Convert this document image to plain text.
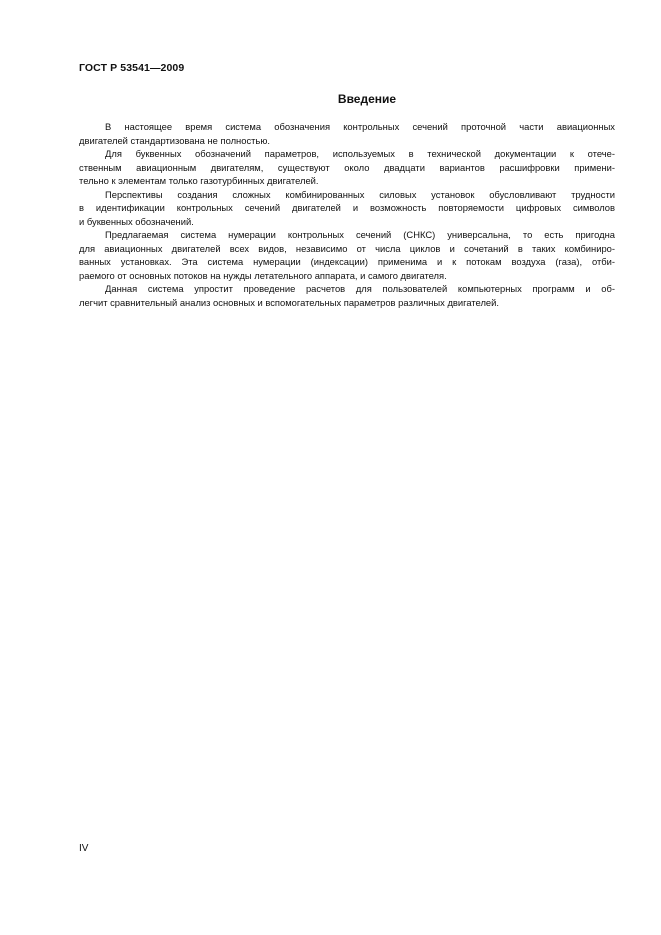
ГОСТ Р 53541—2009
Введение
В настоящее время система обозначения контрольных сечений проточной части авиационных
двигателей стандартизована не полностью.
Для буквенных обозначений параметров, используемых в технической документации к отече-
ственным авиационным двигателям, существуют около двадцати вариантов расшифровки примени-
тельно к элементам только газотурбинных двигателей.
Перспективы создания сложных комбинированных силовых установок обусловливают трудности
в идентификации контрольных сечений двигателей и возможность повторяемости цифровых символов
и буквенных обозначений.
Предлагаемая система нумерации контрольных сечений (СНКС) универсальна, то есть пригодна
для авиационных двигателей всех видов, независимо от числа циклов и сочетаний в таких комбиниро-
ванных установках. Эта система нумерации (индексации) применима и к потокам воздуха (газа), отби-
раемого от основных потоков на нужды летательного аппарата, и самого двигателя.
Данная система упростит проведение расчетов для пользователей компьютерных программ и об-
легчит сравнительный анализ основных и вспомогательных параметров различных двигателей.
IV
